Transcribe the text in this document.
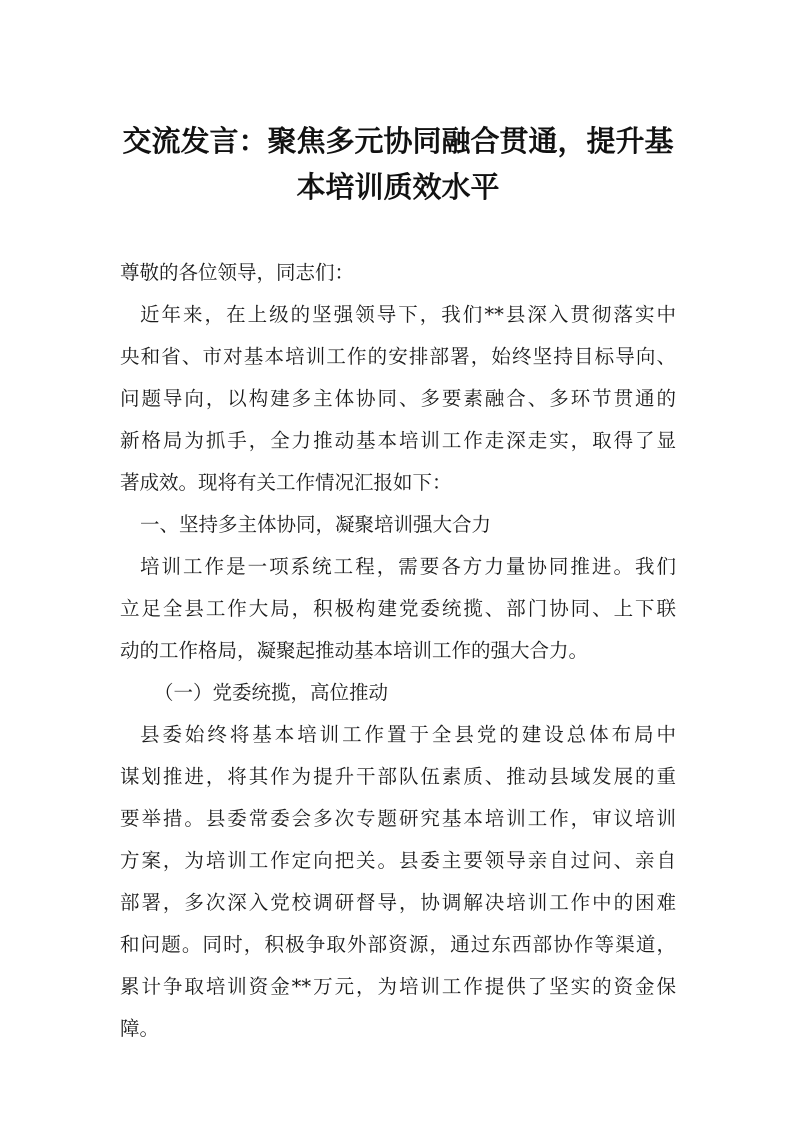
交流发言：聚焦多元协同融合贯通，提升基
本培训质效水平
尊敬的各位领导，同志们：
近年来，在上级的坚强领导下，我们**县深入贯彻落实中
央和省、市对基本培训工作的安排部署，始终坚持目标导向、
问题导向，以构建多主体协同、多要素融合、多环节贯通的
新格局为抓手，全力推动基本培训工作走深走实，取得了显
著成效。现将有关工作情况汇报如下：
一、坚持多主体协同，凝聚培训强大合力
培训工作是一项系统工程，需要各方力量协同推进。我们
立足全县工作大局，积极构建党委统揽、部门协同、上下联
动的工作格局，凝聚起推动基本培训工作的强大合力。
（一）党委统揽，高位推动
县委始终将基本培训工作置于全县党的建设总体布局中
谋划推进，将其作为提升干部队伍素质、推动县域发展的重
要举措。县委常委会多次专题研究基本培训工作，审议培训
方案，为培训工作定向把关。县委主要领导亲自过问、亲自
部署，多次深入党校调研督导，协调解决培训工作中的困难
和问题。同时，积极争取外部资源，通过东西部协作等渠道，
累计争取培训资金**万元，为培训工作提供了坚实的资金保
障。
